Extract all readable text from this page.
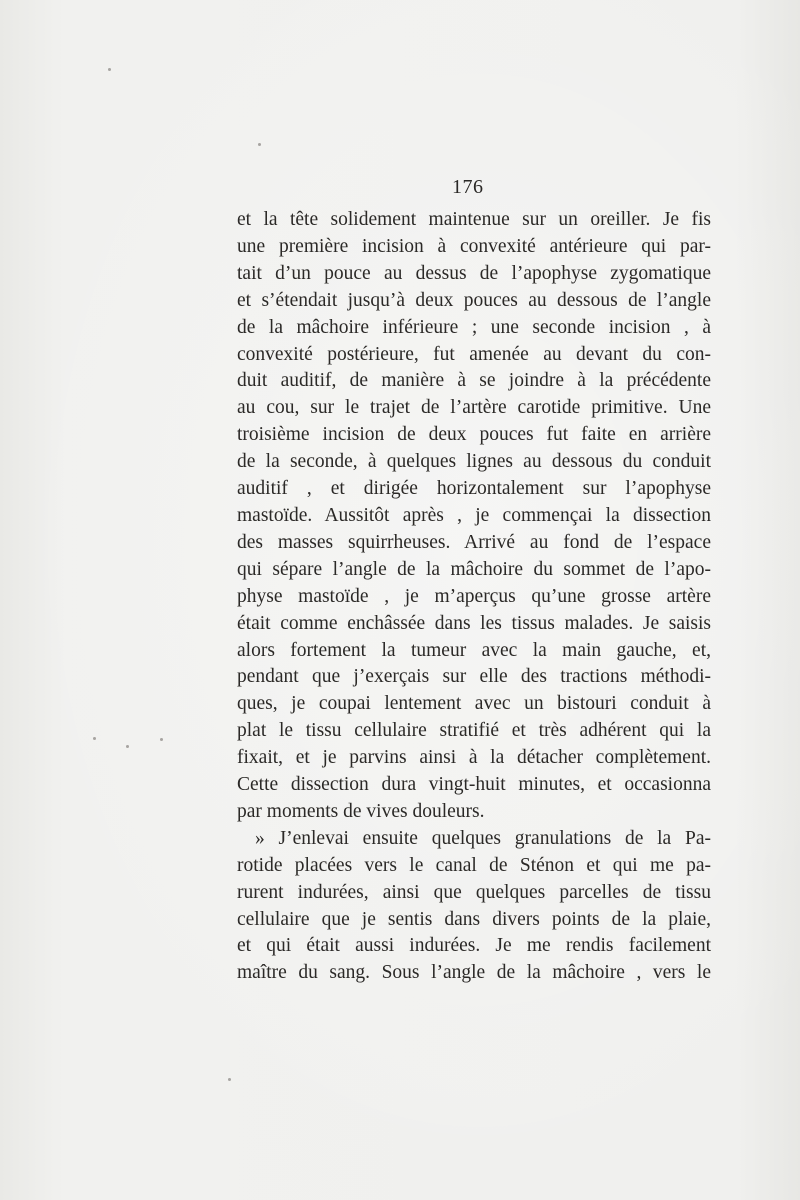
176
et la tête solidement maintenue sur un oreiller. Je fis
une première incision à convexité antérieure qui par-
tait d’un pouce au dessus de l’apophyse zygomatique
et s’étendait jusqu’à deux pouces au dessous de l’angle
de la mâchoire inférieure ; une seconde incision , à
convexité postérieure, fut amenée au devant du con-
duit auditif, de manière à se joindre à la précédente
au cou, sur le trajet de l’artère carotide primitive. Une
troisième incision de deux pouces fut faite en arrière
de la seconde, à quelques lignes au dessous du conduit
auditif , et dirigée horizontalement sur l’apophyse
mastoïde. Aussitôt après , je commençai la dissection
des masses squirrheuses. Arrivé au fond de l’espace
qui sépare l’angle de la mâchoire du sommet de l’apo-
physe mastoïde , je m’aperçus qu’une grosse artère
était comme enchâssée dans les tissus malades. Je saisis
alors fortement la tumeur avec la main gauche, et,
pendant que j’exerçais sur elle des tractions méthodi-
ques, je coupai lentement avec un bistouri conduit à
plat le tissu cellulaire stratifié et très adhérent qui la
fixait, et je parvins ainsi à la détacher complètement.
Cette dissection dura vingt-huit minutes, et occasionna
par moments de vives douleurs.
» J’enlevai ensuite quelques granulations de la Pa-
rotide placées vers le canal de Sténon et qui me pa-
rurent indurées, ainsi que quelques parcelles de tissu
cellulaire que je sentis dans divers points de la plaie,
et qui était aussi indurées. Je me rendis facilement
maître du sang. Sous l’angle de la mâchoire , vers le
